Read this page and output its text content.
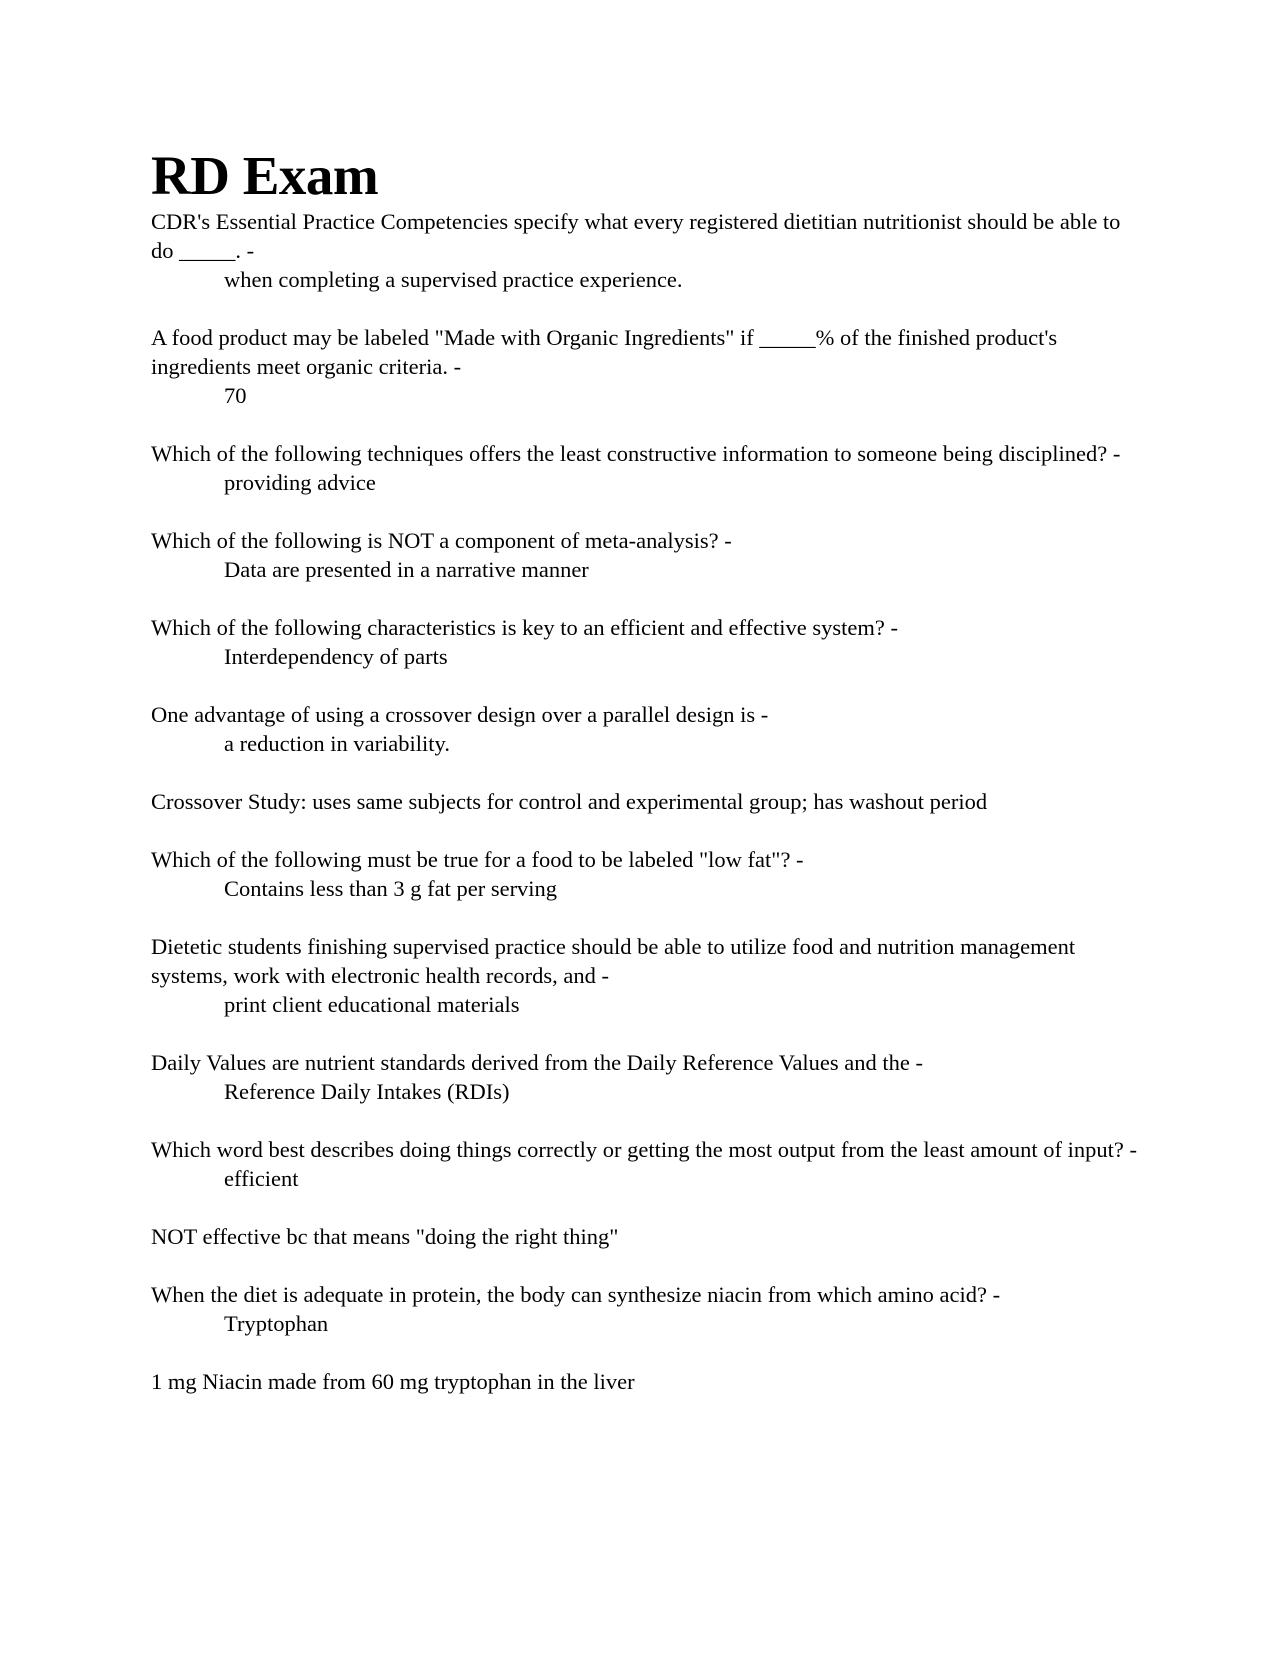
RD Exam

CDR's Essential Practice Competencies specify what every registered dietitian nutritionist should be able to do _____. -

when completing a supervised practice experience.

A food product may be labeled "Made with Organic Ingredients" if _____% of the finished product's ingredients meet organic criteria. -

70

Which of the following techniques offers the least constructive information to someone being disciplined? -

providing advice

Which of the following is NOT a component of meta-analysis? -

Data are presented in a narrative manner

Which of the following characteristics is key to an efficient and effective system? -

Interdependency of parts

One advantage of using a crossover design over a parallel design is -

a reduction in variability.

Crossover Study: uses same subjects for control and experimental group; has washout period

Which of the following must be true for a food to be labeled "low fat"? -

Contains less than 3 g fat per serving

Dietetic students finishing supervised practice should be able to utilize food and nutrition management systems, work with electronic health records, and -

print client educational materials

Daily Values are nutrient standards derived from the Daily Reference Values and the -

Reference Daily Intakes (RDIs)

Which word best describes doing things correctly or getting the most output from the least amount of input? -

efficient

NOT effective bc that means "doing the right thing"

When the diet is adequate in protein, the body can synthesize niacin from which amino acid? -

Tryptophan

1 mg Niacin made from 60 mg tryptophan in the liver
